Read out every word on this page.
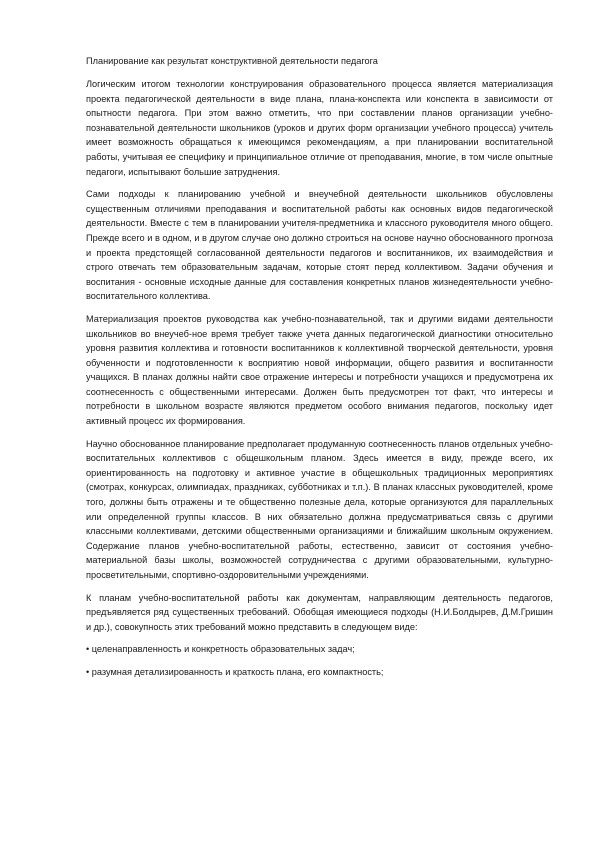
Планирование как результат конструктивной деятельности педагога

Логическим итогом технологии конструирования образовательного процесса является материализация проекта педагогической деятельности в виде плана, плана-конспекта или конспекта в зависимости от опытности педагога. При этом важно отметить, что при составлении планов организации учебно-познавательной деятельности школьников (уроков и других форм организации учебного процесса) учитель имеет возможность обращаться к имеющимся рекомендациям, а при планировании воспитательной работы, учитывая ее специфику и принципиальное отличие от преподавания, многие, в том числе опытные педагоги, испытывают большие затруднения.

Сами подходы к планированию учебной и внеучебной деятельности школьников обусловлены существенным отличиями преподавания и воспитательной работы как основных видов педагогической деятельности. Вместе с тем в планировании учителя-предметника и классного руководителя много общего. Прежде всего и в одном, и в другом случае оно должно строиться на основе научно обоснованного прогноза и проекта предстоящей согласованной деятельности педагогов и воспитанников, их взаимодействия и строго отвечать тем образовательным задачам, которые стоят перед коллективом. Задачи обучения и воспитания - основные исходные данные для составления конкретных планов жизнедеятельности учебно-воспитательного коллектива.

Материализация проектов руководства как учебно-познавательной, так и другими видами деятельности школьников во внеучеб-ное время требует также учета данных педагогической диагностики относительно уровня развития коллектива и готовности воспитанников к коллективной творческой деятельности, уровня обученности и подготовленности к восприятию новой информации, общего развития и воспитанности учащихся. В планах должны найти свое отражение интересы и потребности учащихся и предусмотрена их соотнесенность с общественными интересами. Должен быть предусмотрен тот факт, что интересы и потребности в школьном возрасте являются предметом особого внимания педагогов, поскольку идет активный процесс их формирования.

Научно обоснованное планирование предполагает продуманную соотнесенность планов отдельных учебно-воспитательных коллективов с общешкольным планом. Здесь имеется в виду, прежде всего, их ориентированность на подготовку и активное участие в общешкольных традиционных мероприятиях (смотрах, конкурсах, олимпиадах, праздниках, субботниках и т.п.). В планах классных руководителей, кроме того, должны быть отражены и те общественно полезные дела, которые организуются для параллельных или определенной группы классов. В них обязательно должна предусматриваться связь с другими классными коллективами, детскими общественными организациями и ближайшим школьным окружением. Содержание планов учебно-воспитательной работы, естественно, зависит от состояния учебно-материальной базы школы, возможностей сотрудничества с другими образовательными, культурно-просветительными, спортивно-оздоровительными учреждениями.

К планам учебно-воспитательной работы как документам, направляющим деятельность педагогов, предъявляется ряд существенных требований. Обобщая имеющиеся подходы (Н.И.Болдырев, Д.М.Гришин и др.), совокупность этих требований можно представить в следующем виде:

• целенаправленность и конкретность образовательных задач;
• разумная детализированность и краткость плана, его компактность;
